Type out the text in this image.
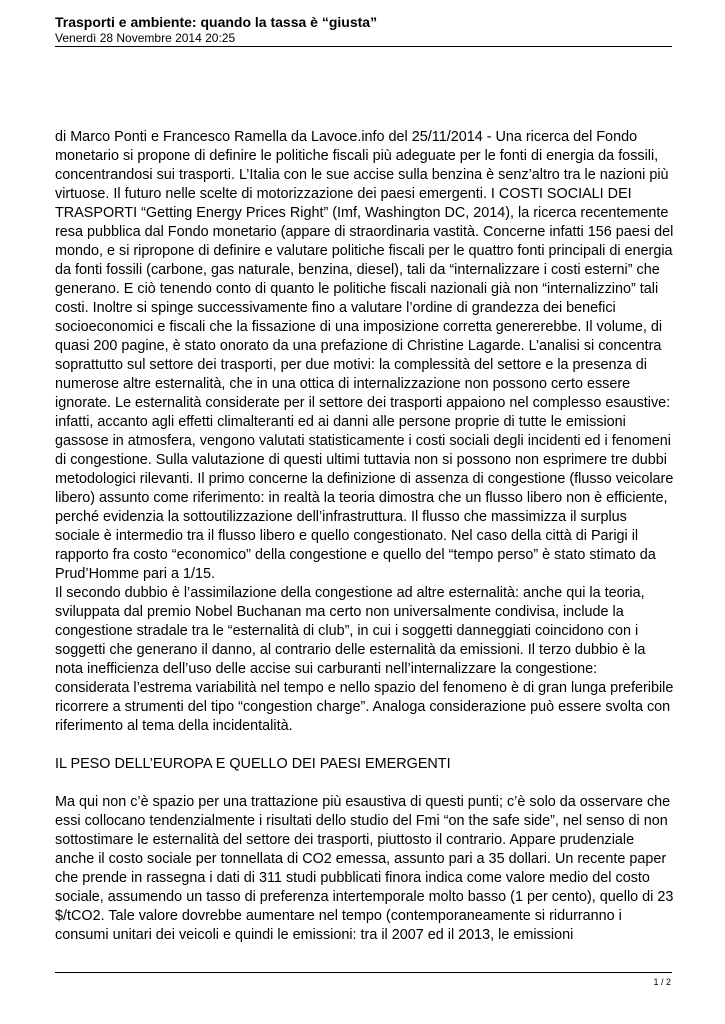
Trasporti e ambiente: quando la tassa è “giusta”

Venerdì 28 Novembre 2014 20:25

di Marco Ponti e Francesco Ramella da Lavoce.info del 25/11/2014 - Una ricerca del Fondo monetario si propone di definire le politiche fiscali più adeguate per le fonti di energia da fossili, concentrandosi sui trasporti. L’Italia con le sue accise sulla benzina è senz’altro tra le nazioni più virtuose. Il futuro nelle scelte di motorizzazione dei paesi emergenti. I COSTI SOCIALI DEI TRASPORTI “Getting Energy Prices Right” (Imf, Washington DC, 2014), la ricerca recentemente resa pubblica dal Fondo monetario (appare di straordinaria vastità. Concerne infatti 156 paesi del mondo, e si ripropone di definire e valutare politiche fiscali per le quattro fonti principali di energia da fonti fossili (carbone, gas naturale, benzina, diesel), tali da “internalizzare i costi esterni” che generano. E ciò tenendo conto di quanto le politiche fiscali nazionali già non “internalizzino” tali costi. Inoltre si spinge successivamente fino a valutare l’ordine di grandezza dei benefici socioeconomici e fiscali che la fissazione di una imposizione corretta genererebbe. Il volume, di quasi 200 pagine, è stato onorato da una prefazione di Christine Lagarde. L’analisi si concentra soprattutto sul settore dei trasporti, per due motivi: la complessità del settore e la presenza di numerose altre esternalità, che in una ottica di internalizzazione non possono certo essere ignorate. Le esternalità considerate per il settore dei trasporti appaiono nel complesso esaustive: infatti, accanto agli effetti climalteranti ed ai danni alle persone proprie di tutte le emissioni gassose in atmosfera, vengono valutati statisticamente i costi sociali degli incidenti ed i fenomeni di congestione. Sulla valutazione di questi ultimi tuttavia non si possono non esprimere tre dubbi metodologici rilevanti. Il primo concerne la definizione di assenza di congestione (flusso veicolare libero) assunto come riferimento: in realtà la teoria dimostra che un flusso libero non è efficiente, perché evidenzia la sottoutilizzazione dell’infrastruttura. Il flusso che massimizza il surplus sociale è intermedio tra il flusso libero e quello congestionato. Nel caso della città di Parigi il rapporto fra costo “economico” della congestione e quello del “tempo perso” è stato stimato da Prud’Homme pari a 1/15.

Il secondo dubbio è l’assimilazione della congestione ad altre esternalità: anche qui la teoria, sviluppata dal premio Nobel Buchanan ma certo non universalmente condivisa, include la congestione stradale tra le “esternalità di club”, in cui i soggetti danneggiati coincidono con i soggetti che generano il danno, al contrario delle esternalità da emissioni. Il terzo dubbio è la nota inefficienza dell’uso delle accise sui carburanti nell’internalizzare la congestione: considerata l’estrema variabilità nel tempo e nello spazio del fenomeno è di gran lunga preferibile ricorrere a strumenti del tipo “congestion charge”. Analoga considerazione può essere svolta con riferimento al tema della incidentalità.

IL PESO DELL’EUROPA E QUELLO DEI PAESI EMERGENTI

Ma qui non c’è spazio per una trattazione più esaustiva di questi punti; c’è solo da osservare che essi collocano tendenzialmente i risultati dello studio del Fmi “on the safe side”, nel senso di non sottostimare le esternalità del settore dei trasporti, piuttosto il contrario. Appare prudenziale anche il costo sociale per tonnellata di CO2 emessa, assunto pari a 35 dollari. Un recente paper che prende in rassegna i dati di 311 studi pubblicati finora indica come valore medio del costo sociale, assumendo un tasso di preferenza intertemporale molto basso (1 per cento), quello di 23 $/tCO2. Tale valore dovrebbe aumentare nel tempo (contemporaneamente si ridurranno i consumi unitari dei veicoli e quindi le emissioni: tra il 2007 ed il 2013, le emissioni

1 / 2
